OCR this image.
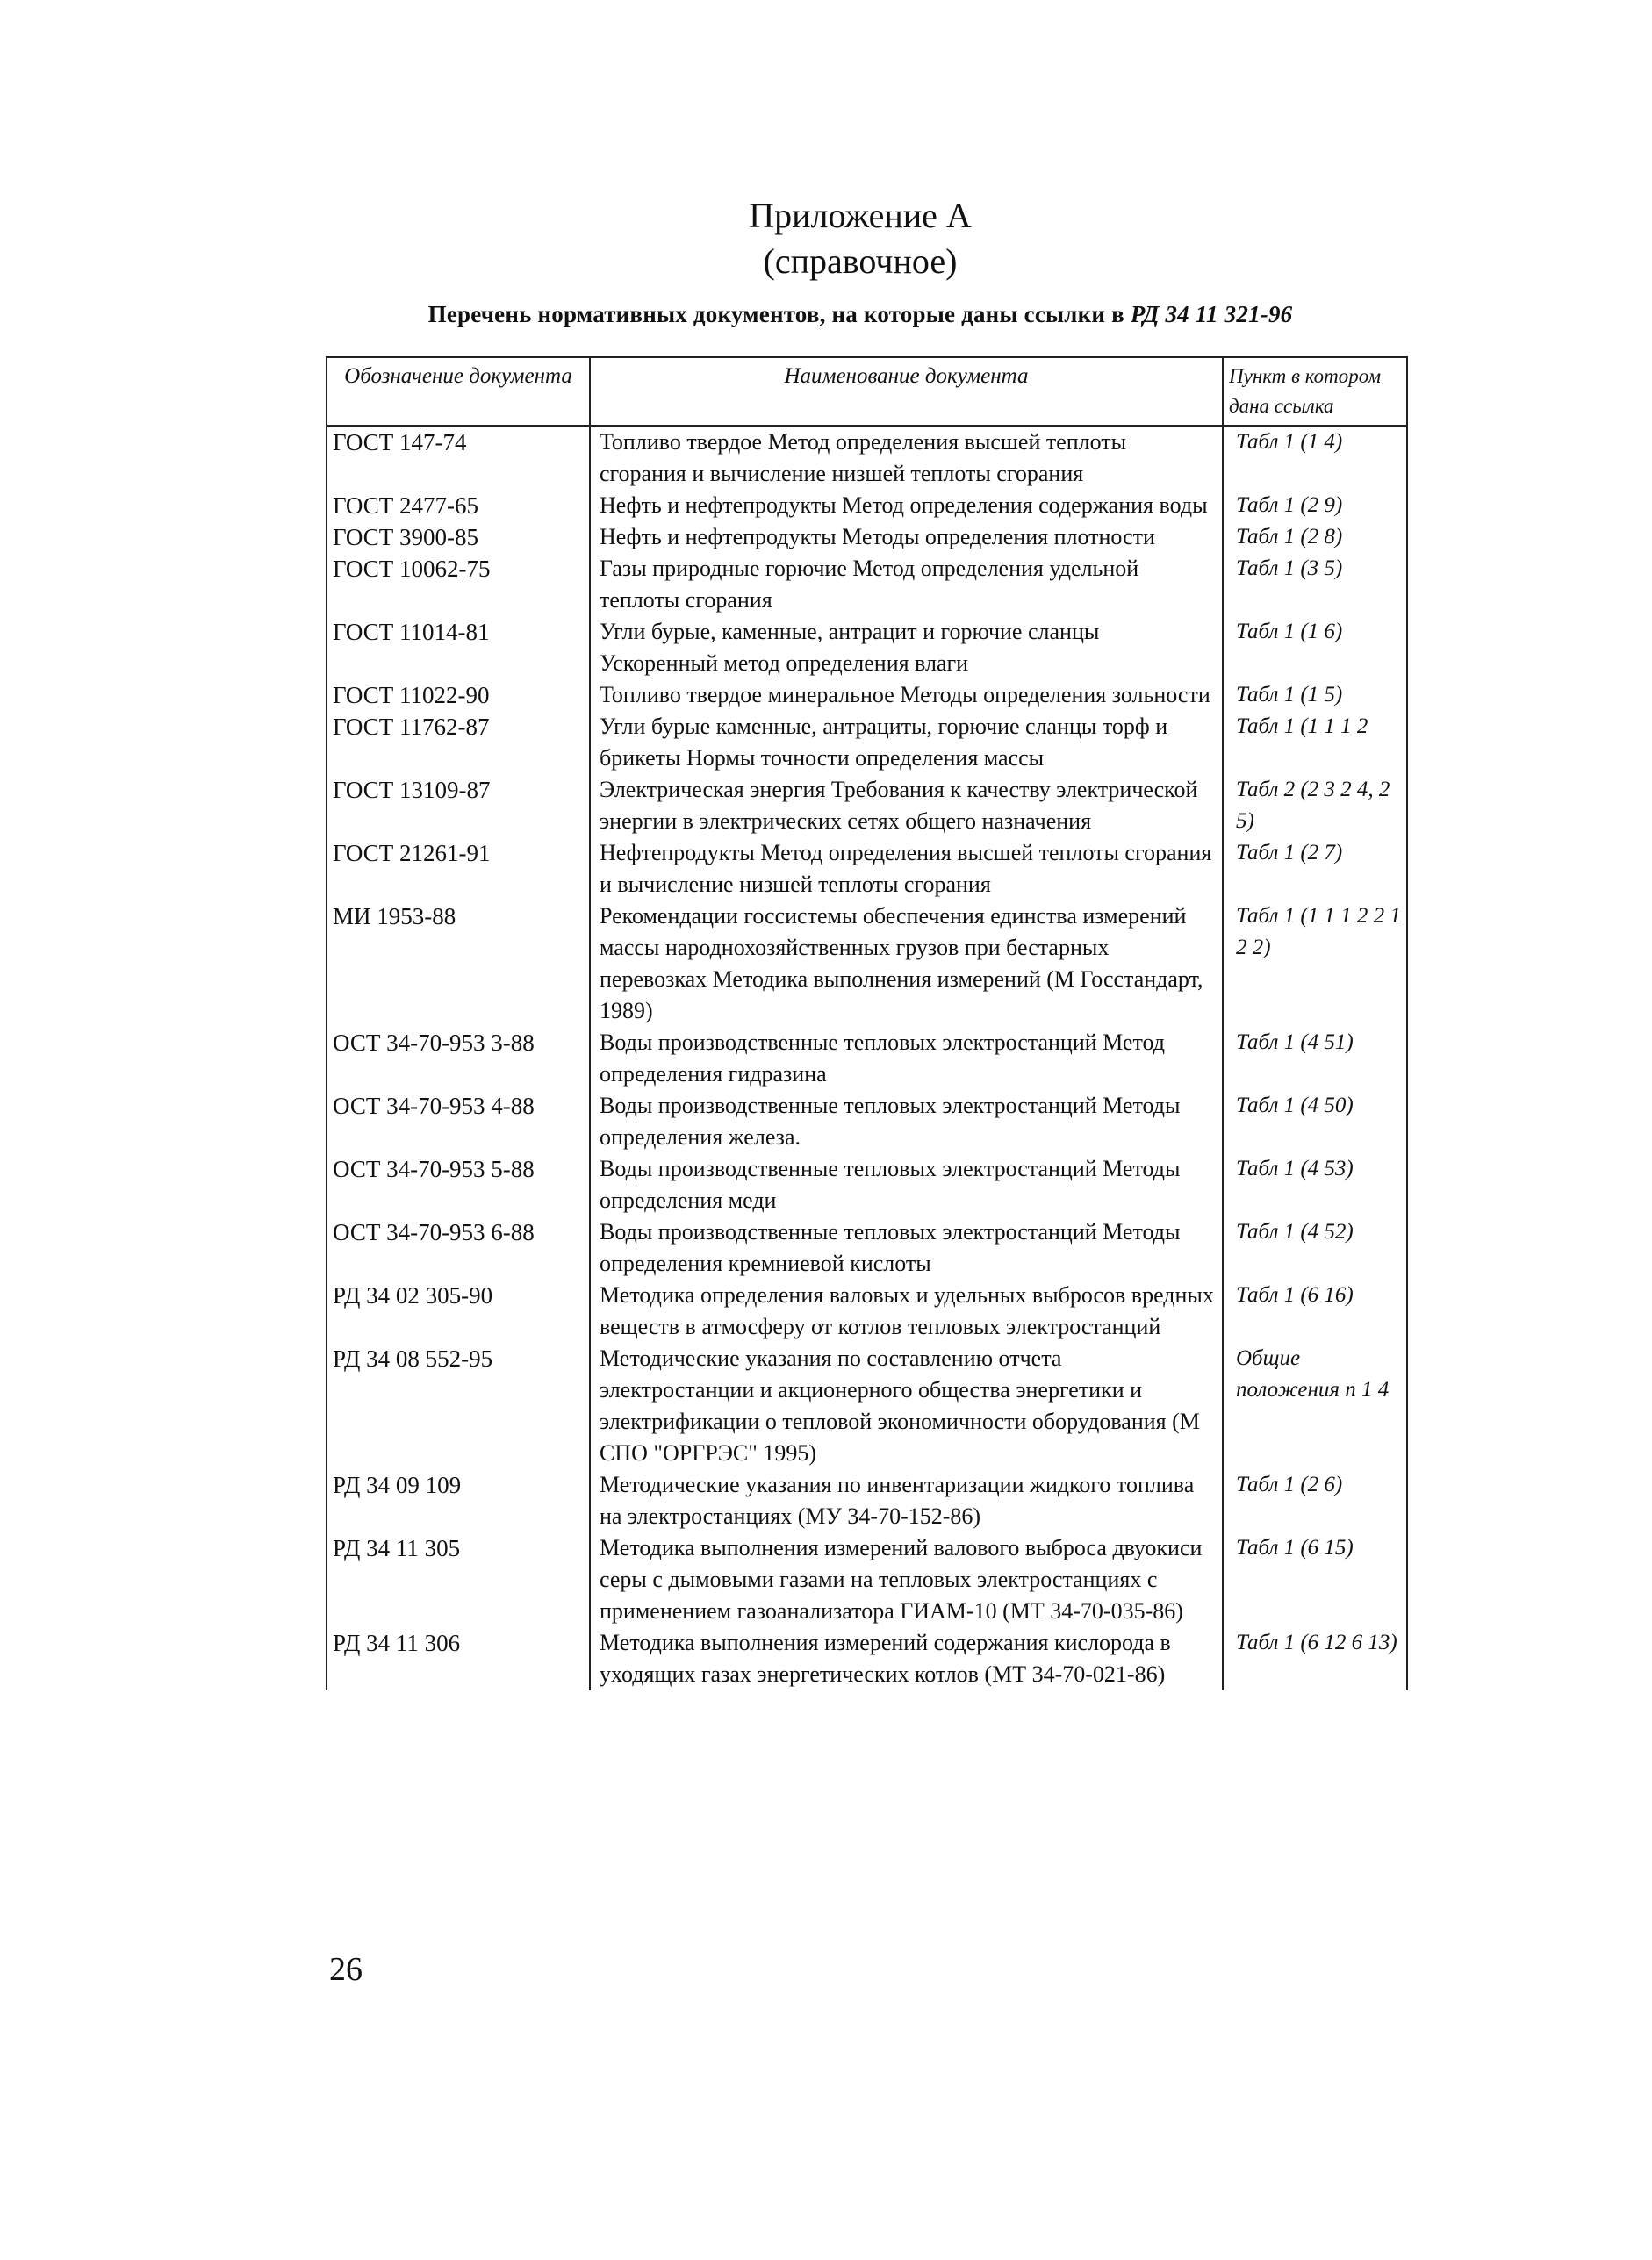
Приложение А
(справочное)
Перечень нормативных документов, на которые даны ссылки в РД 34 11 321-96
Обозначение документа	Наименование документа	Пункт в котором дана ссылка
ГОСТ 147-74	Топливо твердое Метод определения высшей теплоты сгорания и вычисление низшей теплоты сгорания	Табл 1 (1 4)
ГОСТ 2477-65	Нефть и нефтепродукты Метод определения содержания воды	Табл 1 (2 9)
ГОСТ 3900-85	Нефть и нефтепродукты Методы определения плотности	Табл 1 (2 8)
ГОСТ 10062-75	Газы природные горючие Метод определения удельной теплоты сгорания	Табл 1 (3 5)
ГОСТ 11014-81	Угли бурые, каменные, антрацит и горючие сланцы Ускоренный метод определения влаги	Табл 1 (1 6)
ГОСТ 11022-90	Топливо твердое минеральное Методы определения зольности	Табл 1 (1 5)
ГОСТ 11762-87	Угли бурые каменные, антрациты, горючие сланцы торф и брикеты Нормы точности определения массы	Табл 1 (1 1 1 2
ГОСТ 13109-87	Электрическая энергия Требования к качеству электрической энергии в электрических сетях общего назначения	Табл 2 (2 3 2 4, 2 5)
ГОСТ 21261-91	Нефтепродукты Метод определения высшей теплоты сгорания и вычисление низшей теплоты сгорания	Табл 1 (2 7)
МИ 1953-88	Рекомендации госсистемы обеспечения единства измерений массы народнохозяйственных грузов при бестарных перевозках Методика выполнения измерений (М Госстандарт, 1989)	Табл 1 (1 1 1 2 2 1 2 2)
ОСТ 34-70-953 3-88	Воды производственные тепловых электростанций Метод определения гидразина	Табл 1 (4 51)
ОСТ 34-70-953 4-88	Воды производственные тепловых электростанций Методы определения железа.	Табл 1 (4 50)
ОСТ 34-70-953 5-88	Воды производственные тепловых электростанций Методы определения меди	Табл 1 (4 53)
ОСТ 34-70-953 6-88	Воды производственные тепловых электростанций Методы определения кремниевой кислоты	Табл 1 (4 52)
РД 34 02 305-90	Методика определения валовых и удельных выбросов вредных веществ в атмосферу от котлов тепловых электростанций	Табл 1 (6 16)
РД 34 08 552-95	Методические указания по составлению отчета электростанции и акционерного общества энергетики и электрификации о тепловой экономичности оборудования (М СПО "ОРГРЭС" 1995)	Общие положения п 1 4
РД 34 09 109	Методические указания по инвентаризации жидкого топлива на электростанциях (МУ 34-70-152-86)	Табл 1 (2 6)
РД 34 11 305	Методика выполнения измерений валового выброса двуокиси серы с дымовыми газами на тепловых электростанциях с применением газоанализатора ГИАМ-10 (МТ 34-70-035-86)	Табл 1 (6 15)
РД 34 11 306	Методика выполнения измерений содержания кислорода в уходящих газах энергетических котлов (МТ 34-70-021-86)	Табл 1 (6 12 6 13)
26
